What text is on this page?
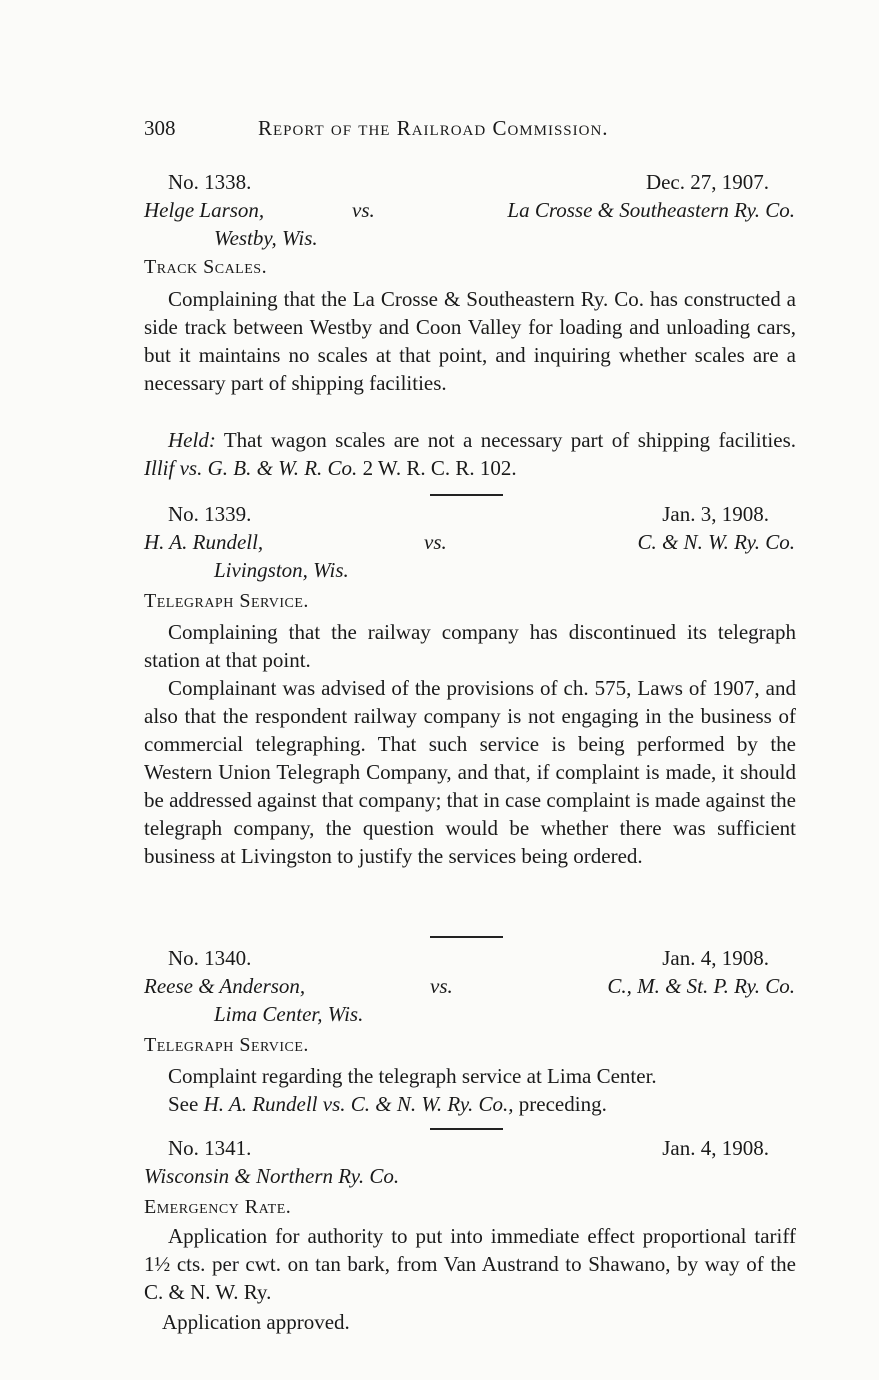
308	Report of the Railroad Commission.
No. 1338.	Dec. 27, 1907.
Helge Larson,	vs.	La Crosse & Southeastern Ry. Co.
Westby, Wis.
Track Scales.
Complaining that the La Crosse & Southeastern Ry. Co. has constructed a side track between Westby and Coon Valley for loading and unloading cars, but it maintains no scales at that point, and inquiring whether scales are a necessary part of shipping facilities.
Held: That wagon scales are not a necessary part of shipping facilities. Illif vs. G. B. & W. R. Co. 2 W. R. C. R. 102.
No. 1339.	Jan. 3, 1908.
H. A. Rundell,	vs.	C. & N. W. Ry. Co.
Livingston, Wis.
Telegraph Service.
Complaining that the railway company has discontinued its telegraph station at that point.
Complainant was advised of the provisions of ch. 575, Laws of 1907, and also that the respondent railway company is not engaging in the business of commercial telegraphing. That such service is being performed by the Western Union Telegraph Company, and that, if complaint is made, it should be addressed against that company; that in case complaint is made against the telegraph company, the question would be whether there was sufficient business at Livingston to justify the services being ordered.
No. 1340.	Jan. 4, 1908.
Reese & Anderson,	vs.	C., M. & St. P. Ry. Co.
Lima Center, Wis.
Telegraph Service.
Complaint regarding the telegraph service at Lima Center.
See H. A. Rundell vs. C. & N. W. Ry. Co., preceding.
No. 1341.	Jan. 4, 1908.
Wisconsin & Northern Ry. Co.
Emergency Rate.
Application for authority to put into immediate effect proportional tariff 1½ cts. per cwt. on tan bark, from Van Austrand to Shawano, by way of the C. & N. W. Ry.
Application approved.
